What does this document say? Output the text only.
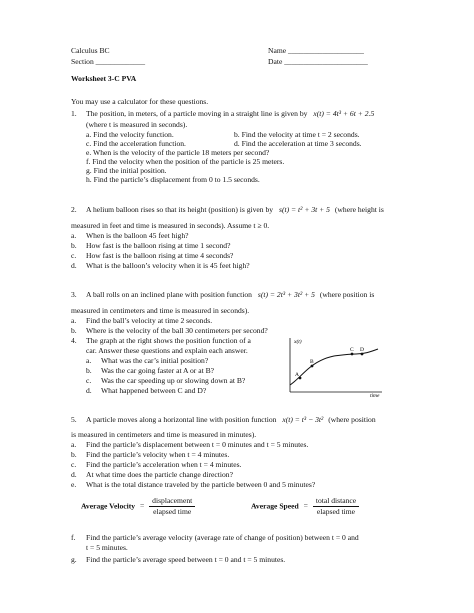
Calculus BC	Name ____________________
Section _____________	Date ______________________
Worksheet 3-C PVA
You may use a calculator for these questions.
1. The position, in meters, of a particle moving in a straight line is given by x(t) = 4t³ + 6t + 2.5
(where t is measured in seconds).
a. Find the velocity function.	b. Find the velocity at time t = 2 seconds.
c. Find the acceleration function.	d. Find the acceleration at time 3 seconds.
e. When is the velocity of the particle 18 meters per second?
f. Find the velocity when the position of the particle is 25 meters.
g. Find the initial position.
h. Find the particle’s displacement from 0 to 1.5 seconds.
2. A helium balloon rises so that its height (position) is given by s(t) = t² + 3t + 5 (where height is
measured in feet and time is measured in seconds). Assume t ≥ 0.
a. When is the balloon 45 feet high?
b. How fast is the balloon rising at time 1 second?
c. How fast is the balloon rising at time 4 seconds?
d. What is the balloon’s velocity when it is 45 feet high?
3. A ball rolls on an inclined plane with position function s(t) = 2t³ + 3t² + 5 (where position is
measured in centimeters and time is measured in seconds).
a. Find the ball’s velocity at time 2 seconds.
b. Where is the velocity of the ball 30 centimeters per second?
4. The graph at the right shows the position function of a
car. Answer these questions and explain each answer.
a. What was the car’s initial position?
b. Was the car going faster at A or at B?
c. Was the car speeding up or slowing down at B?
d. What happened between C and D?
x(t)
time
A
B
C D
5. A particle moves along a horizontal line with position function x(t) = t³ − 3t² (where position
is measured in centimeters and time is measured in minutes).
a. Find the particle’s displacement between t = 0 minutes and t = 5 minutes.
b. Find the particle’s velocity when t = 4 minutes.
c. Find the particle’s acceleration when t = 4 minutes.
d. At what time does the particle change direction?
e. What is the total distance traveled by the particle between 0 and 5 minutes?
Average Velocity = $\frac{\text{displacement}}{\text{elapsed time}}$	Average Speed = $\frac{\text{total distance}}{\text{elapsed time}}$
f. Find the particle’s average velocity (average rate of change of position) between t = 0 and
t = 5 minutes.
g. Find the particle’s average speed between t = 0 and t = 5 minutes.
